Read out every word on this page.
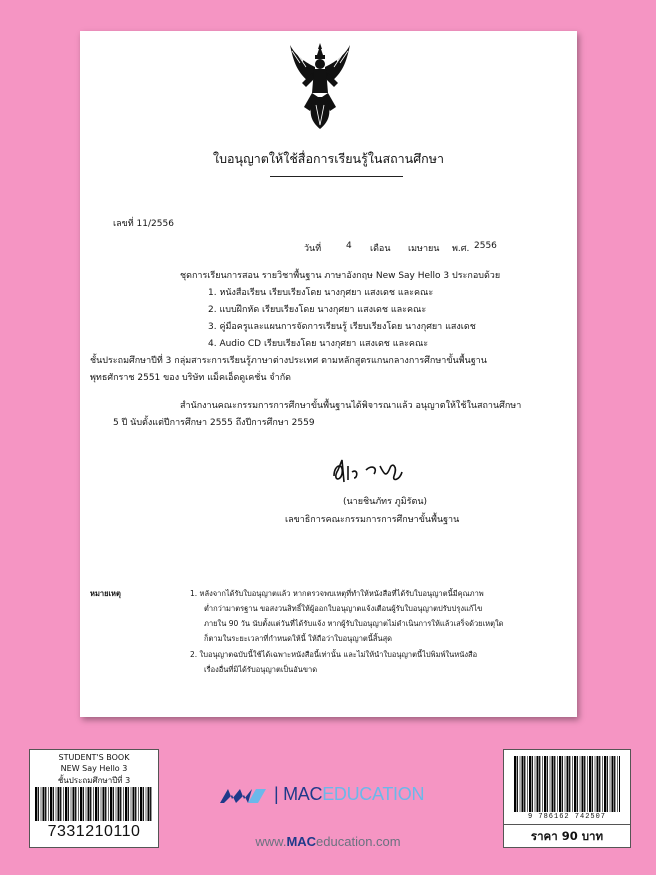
ใบอนุญาตให้ใช้สื่อการเรียนรู้ในสถานศึกษา
เลขที่ 11/2556
วันที่	4 เดือน เมษายน พ.ศ. 2556
ชุดการเรียนการสอน รายวิชาพื้นฐาน ภาษาอังกฤษ New Say Hello 3 ประกอบด้วย
1. หนังสือเรียน เรียบเรียงโดย นางกุศยา แสงเดช และคณะ
2. แบบฝึกหัด เรียบเรียงโดย นางกุศยา แสงเดช และคณะ
3. คู่มือครูและแผนการจัดการเรียนรู้ เรียบเรียงโดย นางกุศยา แสงเดช
4. Audio CD เรียบเรียงโดย นางกุศยา แสงเดช และคณะ
ชั้นประถมศึกษาปีที่ 3 กลุ่มสาระการเรียนรู้ภาษาต่างประเทศ ตามหลักสูตรแกนกลางการศึกษาขั้นพื้นฐาน
พุทธศักราช 2551 ของ บริษัท แม็คเอ็ดดูเคชั่น จำกัด
สำนักงานคณะกรรมการการศึกษาขั้นพื้นฐานได้พิจารณาแล้ว อนุญาตให้ใช้ในสถานศึกษา
5 ปี นับตั้งแต่ปีการศึกษา 2555 ถึงปีการศึกษา 2559
(นายชินภัทร ภูมิรัตน)
เลขาธิการคณะกรรมการการศึกษาขั้นพื้นฐาน
หมายเหตุ	1. หลังจากได้รับใบอนุญาตแล้ว หากตรวจพบเหตุที่ทำให้หนังสือที่ได้รับใบอนุญาตนี้มีคุณภาพ
ต่ำกว่ามาตรฐาน ขอสงวนสิทธิ์ให้ผู้ออกใบอนุญาตแจ้งเตือนผู้รับใบอนุญาตปรับปรุงแก้ไข
ภายใน 90 วัน นับตั้งแต่วันที่ได้รับแจ้ง หากผู้รับใบอนุญาตไม่ดำเนินการให้แล้วเสร็จด้วยเหตุใด
ก็ตามในระยะเวลาที่กำหนดให้นี้ ให้ถือว่าใบอนุญาตนี้สิ้นสุด
2. ใบอนุญาตฉบับนี้ใช้ได้เฉพาะหนังสือนี้เท่านั้น และไม่ให้นำใบอนุญาตนี้ไปพิมพ์ในหนังสือ
เรื่องอื่นที่มิได้รับอนุญาตเป็นอันขาด
STUDENT'S BOOK
NEW Say Hello 3
ชั้นประถมศึกษาปีที่ 3
7331210110
| MACEDUCATION
www.MACeducation.com
9 786162 742507
ราคา 90 บาท
